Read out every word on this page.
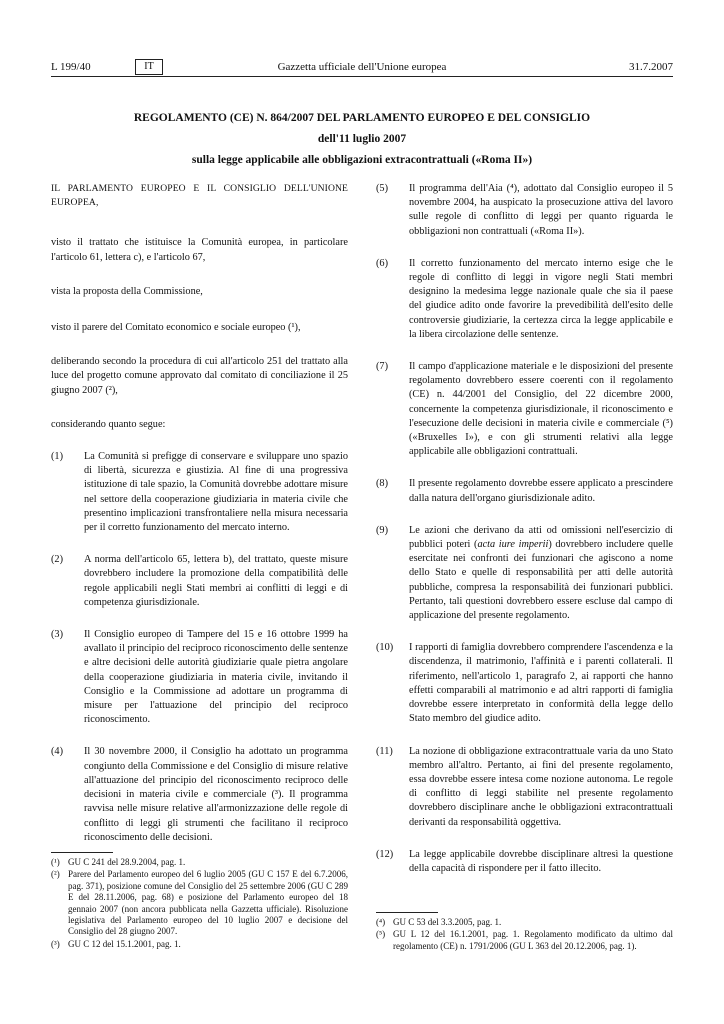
L 199/40	IT	Gazzetta ufficiale dell'Unione europea	31.7.2007
REGOLAMENTO (CE) N. 864/2007 DEL PARLAMENTO EUROPEO E DEL CONSIGLIO
dell'11 luglio 2007
sulla legge applicabile alle obbligazioni extracontrattuali («Roma II»)

IL PARLAMENTO EUROPEO E IL CONSIGLIO DELL'UNIONE EUROPEA,

visto il trattato che istituisce la Comunità europea, in particolare l'articolo 61, lettera c), e l'articolo 67,

vista la proposta della Commissione,

visto il parere del Comitato economico e sociale europeo (¹),

deliberando secondo la procedura di cui all'articolo 251 del trattato alla luce del progetto comune approvato dal comitato di conciliazione il 25 giugno 2007 (²),

considerando quanto segue:

(1) La Comunità si prefigge di conservare e sviluppare uno spazio di libertà, sicurezza e giustizia. Al fine di una progressiva istituzione di tale spazio, la Comunità dovrebbe adottare misure nel settore della cooperazione giudiziaria in materia civile che presentino implicazioni transfrontaliere nella misura necessaria per il corretto funzionamento del mercato interno.
(2) A norma dell'articolo 65, lettera b), del trattato, queste misure dovrebbero includere la promozione della compatibilità delle regole applicabili negli Stati membri ai conflitti di leggi e di competenza giurisdizionale.
(3) Il Consiglio europeo di Tampere del 15 e 16 ottobre 1999 ha avallato il principio del reciproco riconoscimento delle sentenze e altre decisioni delle autorità giudiziarie quale pietra angolare della cooperazione giudiziaria in materia civile, invitando il Consiglio e la Commissione ad adottare un programma di misure per l'attuazione del principio del reciproco riconoscimento.
(4) Il 30 novembre 2000, il Consiglio ha adottato un programma congiunto della Commissione e del Consiglio di misure relative all'attuazione del principio del riconoscimento reciproco delle decisioni in materia civile e commerciale (³). Il programma ravvisa nelle misure relative all'armonizzazione delle regole di conflitto di leggi gli strumenti che facilitano il reciproco riconoscimento delle decisioni.
(¹) GU C 241 del 28.9.2004, pag. 1.
(²) Parere del Parlamento europeo del 6 luglio 2005 (GU C 157 E del 6.7.2006, pag. 371), posizione comune del Consiglio del 25 settembre 2006 (GU C 289 E del 28.11.2006, pag. 68) e posizione del Parlamento europeo del 18 gennaio 2007 (non ancora pubblicata nella Gazzetta ufficiale). Risoluzione legislativa del Parlamento europeo del 10 luglio 2007 e decisione del Consiglio del 28 giugno 2007.
(³) GU C 12 del 15.1.2001, pag. 1.
(5) Il programma dell'Aia (⁴), adottato dal Consiglio europeo il 5 novembre 2004, ha auspicato la prosecuzione attiva del lavoro sulle regole di conflitto di leggi per quanto riguarda le obbligazioni non contrattuali («Roma II»).
(6) Il corretto funzionamento del mercato interno esige che le regole di conflitto di leggi in vigore negli Stati membri designino la medesima legge nazionale quale che sia il paese del giudice adito onde favorire la prevedibilità dell'esito delle controversie giudiziarie, la certezza circa la legge applicabile e la libera circolazione delle sentenze.
(7) Il campo d'applicazione materiale e le disposizioni del presente regolamento dovrebbero essere coerenti con il regolamento (CE) n. 44/2001 del Consiglio, del 22 dicembre 2000, concernente la competenza giurisdizionale, il riconoscimento e l'esecuzione delle decisioni in materia civile e commerciale (⁵) («Bruxelles I»), e con gli strumenti relativi alla legge applicabile alle obbligazioni contrattuali.
(8) Il presente regolamento dovrebbe essere applicato a prescindere dalla natura dell'organo giurisdizionale adito.
(9) Le azioni che derivano da atti od omissioni nell'esercizio di pubblici poteri (acta iure imperii) dovrebbero includere quelle esercitate nei confronti dei funzionari che agiscono a nome dello Stato e quelle di responsabilità per atti delle autorità pubbliche, compresa la responsabilità dei funzionari pubblici. Pertanto, tali questioni dovrebbero essere escluse dal campo di applicazione del presente regolamento.
(10) I rapporti di famiglia dovrebbero comprendere l'ascendenza e la discendenza, il matrimonio, l'affinità e i parenti collaterali. Il riferimento, nell'articolo 1, paragrafo 2, ai rapporti che hanno effetti comparabili al matrimonio e ad altri rapporti di famiglia dovrebbe essere interpretato in conformità della legge dello Stato membro del giudice adito.
(11) La nozione di obbligazione extracontrattuale varia da uno Stato membro all'altro. Pertanto, ai fini del presente regolamento, essa dovrebbe essere intesa come nozione autonoma. Le regole di conflitto di leggi stabilite nel presente regolamento dovrebbero disciplinare anche le obbligazioni extracontrattuali derivanti da responsabilità oggettiva.
(12) La legge applicabile dovrebbe disciplinare altresì la questione della capacità di rispondere per il fatto illecito.
(⁴) GU C 53 del 3.3.2005, pag. 1.
(⁵) GU L 12 del 16.1.2001, pag. 1. Regolamento modificato da ultimo dal regolamento (CE) n. 1791/2006 (GU L 363 del 20.12.2006, pag. 1).
